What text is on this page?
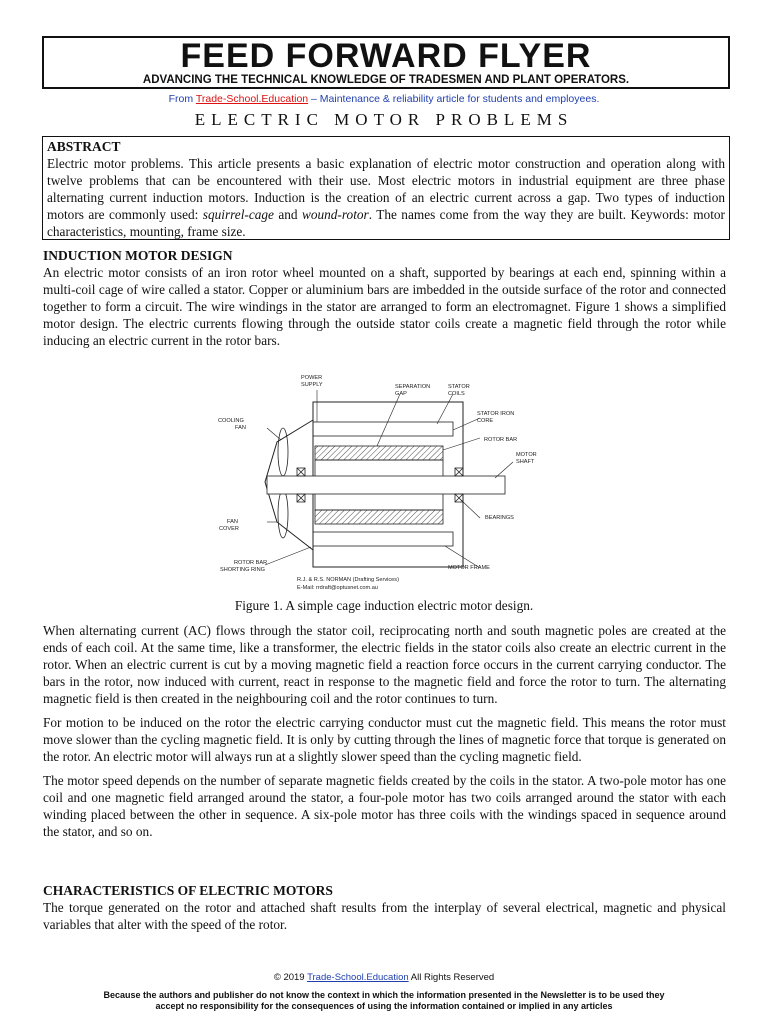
FEED FORWARD FLYER
ADVANCING THE TECHNICAL KNOWLEDGE OF TRADESMEN AND PLANT OPERATORS.
From Trade-School.Education – Maintenance & reliability article for students and employees.
ELECTRIC MOTOR PROBLEMS
ABSTRACT
Electric motor problems. This article presents a basic explanation of electric motor construction and operation along with twelve problems that can be encountered with their use. Most electric motors in industrial equipment are three phase alternating current induction motors. Induction is the creation of an electric current across a gap. Two types of induction motors are commonly used: squirrel-cage and wound-rotor. The names come from the way they are built. Keywords: motor characteristics, mounting, frame size.
INDUCTION MOTOR DESIGN
An electric motor consists of an iron rotor wheel mounted on a shaft, supported by bearings at each end, spinning within a multi-coil cage of wire called a stator. Copper or aluminium bars are imbedded in the outside surface of the rotor and connected together to form a circuit. The wire windings in the stator are arranged to form an electromagnet. Figure 1 shows a simplified motor design. The electric currents flowing through the outside stator coils create a magnetic field through the rotor while inducing an electric current in the rotor bars.
POWER
SUPPLY	SEPARATION
GAP
STATOR
COILS
STATOR IRON
CORE
COOLING
FAN
ROTOR BAR
BEARINGS
FAN
COVER
ROTOR BAR
SHORTING RING	MOTOR FRAME
R.J. & R.S. NORMAN (Drafting Services)
E-Mail: rrdraft@optusnet.com.au
MOTOR
SHAFT
Figure 1. A simple cage induction electric motor design.
When alternating current (AC) flows through the stator coil, reciprocating north and south magnetic poles are created at the ends of each coil. At the same time, like a transformer, the electric fields in the stator coils also create an electric current in the rotor. When an electric current is cut by a moving magnetic field a reaction force occurs in the current carrying conductor. The bars in the rotor, now induced with current, react in response to the magnetic field and force the rotor to turn. The alternating magnetic field is then created in the neighbouring coil and the rotor continues to turn.
For motion to be induced on the rotor the electric carrying conductor must cut the magnetic field. This means the rotor must move slower than the cycling magnetic field. It is only by cutting through the lines of magnetic force that torque is generated on the rotor. An electric motor will always run at a slightly slower speed than the cycling magnetic field.
The motor speed depends on the number of separate magnetic fields created by the coils in the stator. A two-pole motor has one coil and one magnetic field arranged around the stator, a four-pole motor has two coils arranged around the stator with each winding placed between the other in sequence. A six-pole motor has three coils with the windings spaced in sequence around the stator, and so on.
CHARACTERISTICS OF ELECTRIC MOTORS
The torque generated on the rotor and attached shaft results from the interplay of several electrical, magnetic and physical variables that alter with the speed of the rotor.
© 2019 Trade-School.Education All Rights Reserved
Because the authors and publisher do not know the context in which the information presented in the Newsletter is to be used they accept no responsibility for the consequences of using the information contained or implied in any articles
